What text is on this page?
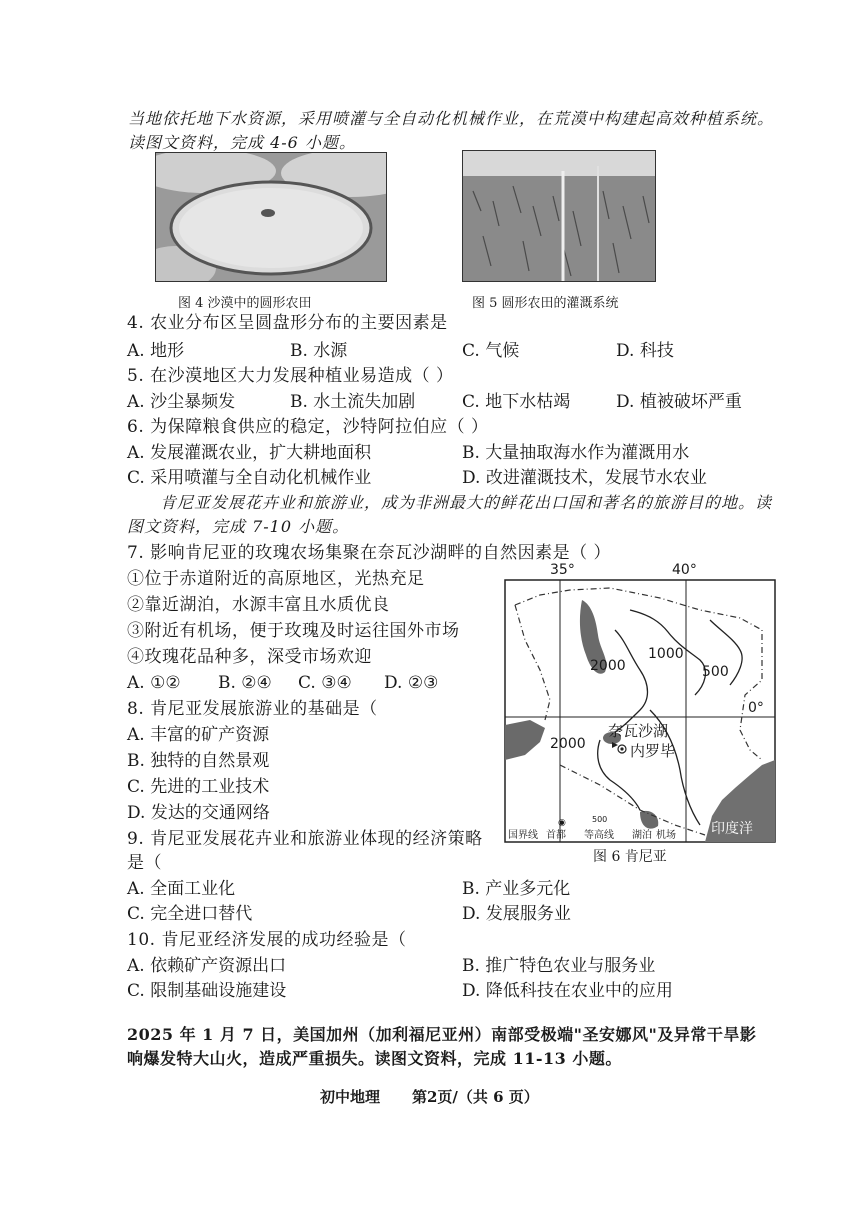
当地依托地下水资源，采用喷灌与全自动化机械作业，在荒漠中构建起高效种植系统。
读图文资料，完成 4-6 小题。
图 4 沙漠中的圆形农田	图 5 圆形农田的灌溉系统
4. 农业分布区呈圆盘形分布的主要因素是
A. 地形	B. 水源	C. 气候	D. 科技
5. 在沙漠地区大力发展种植业易造成（ ）
A. 沙尘暴频发	B. 水土流失加剧	C. 地下水枯竭	D. 植被破坏严重
6. 为保障粮食供应的稳定，沙特阿拉伯应（ ）
A. 发展灌溉农业，扩大耕地面积	B. 大量抽取海水作为灌溉用水
C. 采用喷灌与全自动化机械作业	D. 改进灌溉技术，发展节水农业
肯尼亚发展花卉业和旅游业，成为非洲最大的鲜花出口国和著名的旅游目的地。读
图文资料，完成 7-10 小题。
7. 影响肯尼亚的玫瑰农场集聚在奈瓦沙湖畔的自然因素是（ ）
①位于赤道附近的高原地区，光热充足
②靠近湖泊，水源丰富且水质优良
③附近有机场，便于玫瑰及时运往国外市场
④玫瑰花品种多，深受市场欢迎
A. ①② B. ②④ C. ③④ D. ②③
8. 肯尼亚发展旅游业的基础是（
A. 丰富的矿产资源
B. 独特的自然景观
C. 先进的工业技术
D. 发达的交通网络
9. 肯尼亚发展花卉业和旅游业体现的经济策略
是（
A. 全面工业化	B. 产业多元化
C. 完全进口替代	D. 发展服务业
10. 肯尼亚经济发展的成功经验是（
A. 依赖矿产资源出口	B. 推广特色农业与服务业
C. 限制基础设施建设	D. 降低科技在农业中的应用
35°	40°
0°
2000
1000
500
2000
奈瓦沙湖
内罗毕
印度洋
国界线
◉
首都
500
等高线 湖泊 机场
图 6 肯尼亚
2025 年 1 月 7 日，美国加州（加利福尼亚州）南部受极端"圣安娜风"及异常干旱影
响爆发特大山火，造成严重损失。读图文资料，完成 11-13 小题。
初中地理 第2页/（共 6 页）
